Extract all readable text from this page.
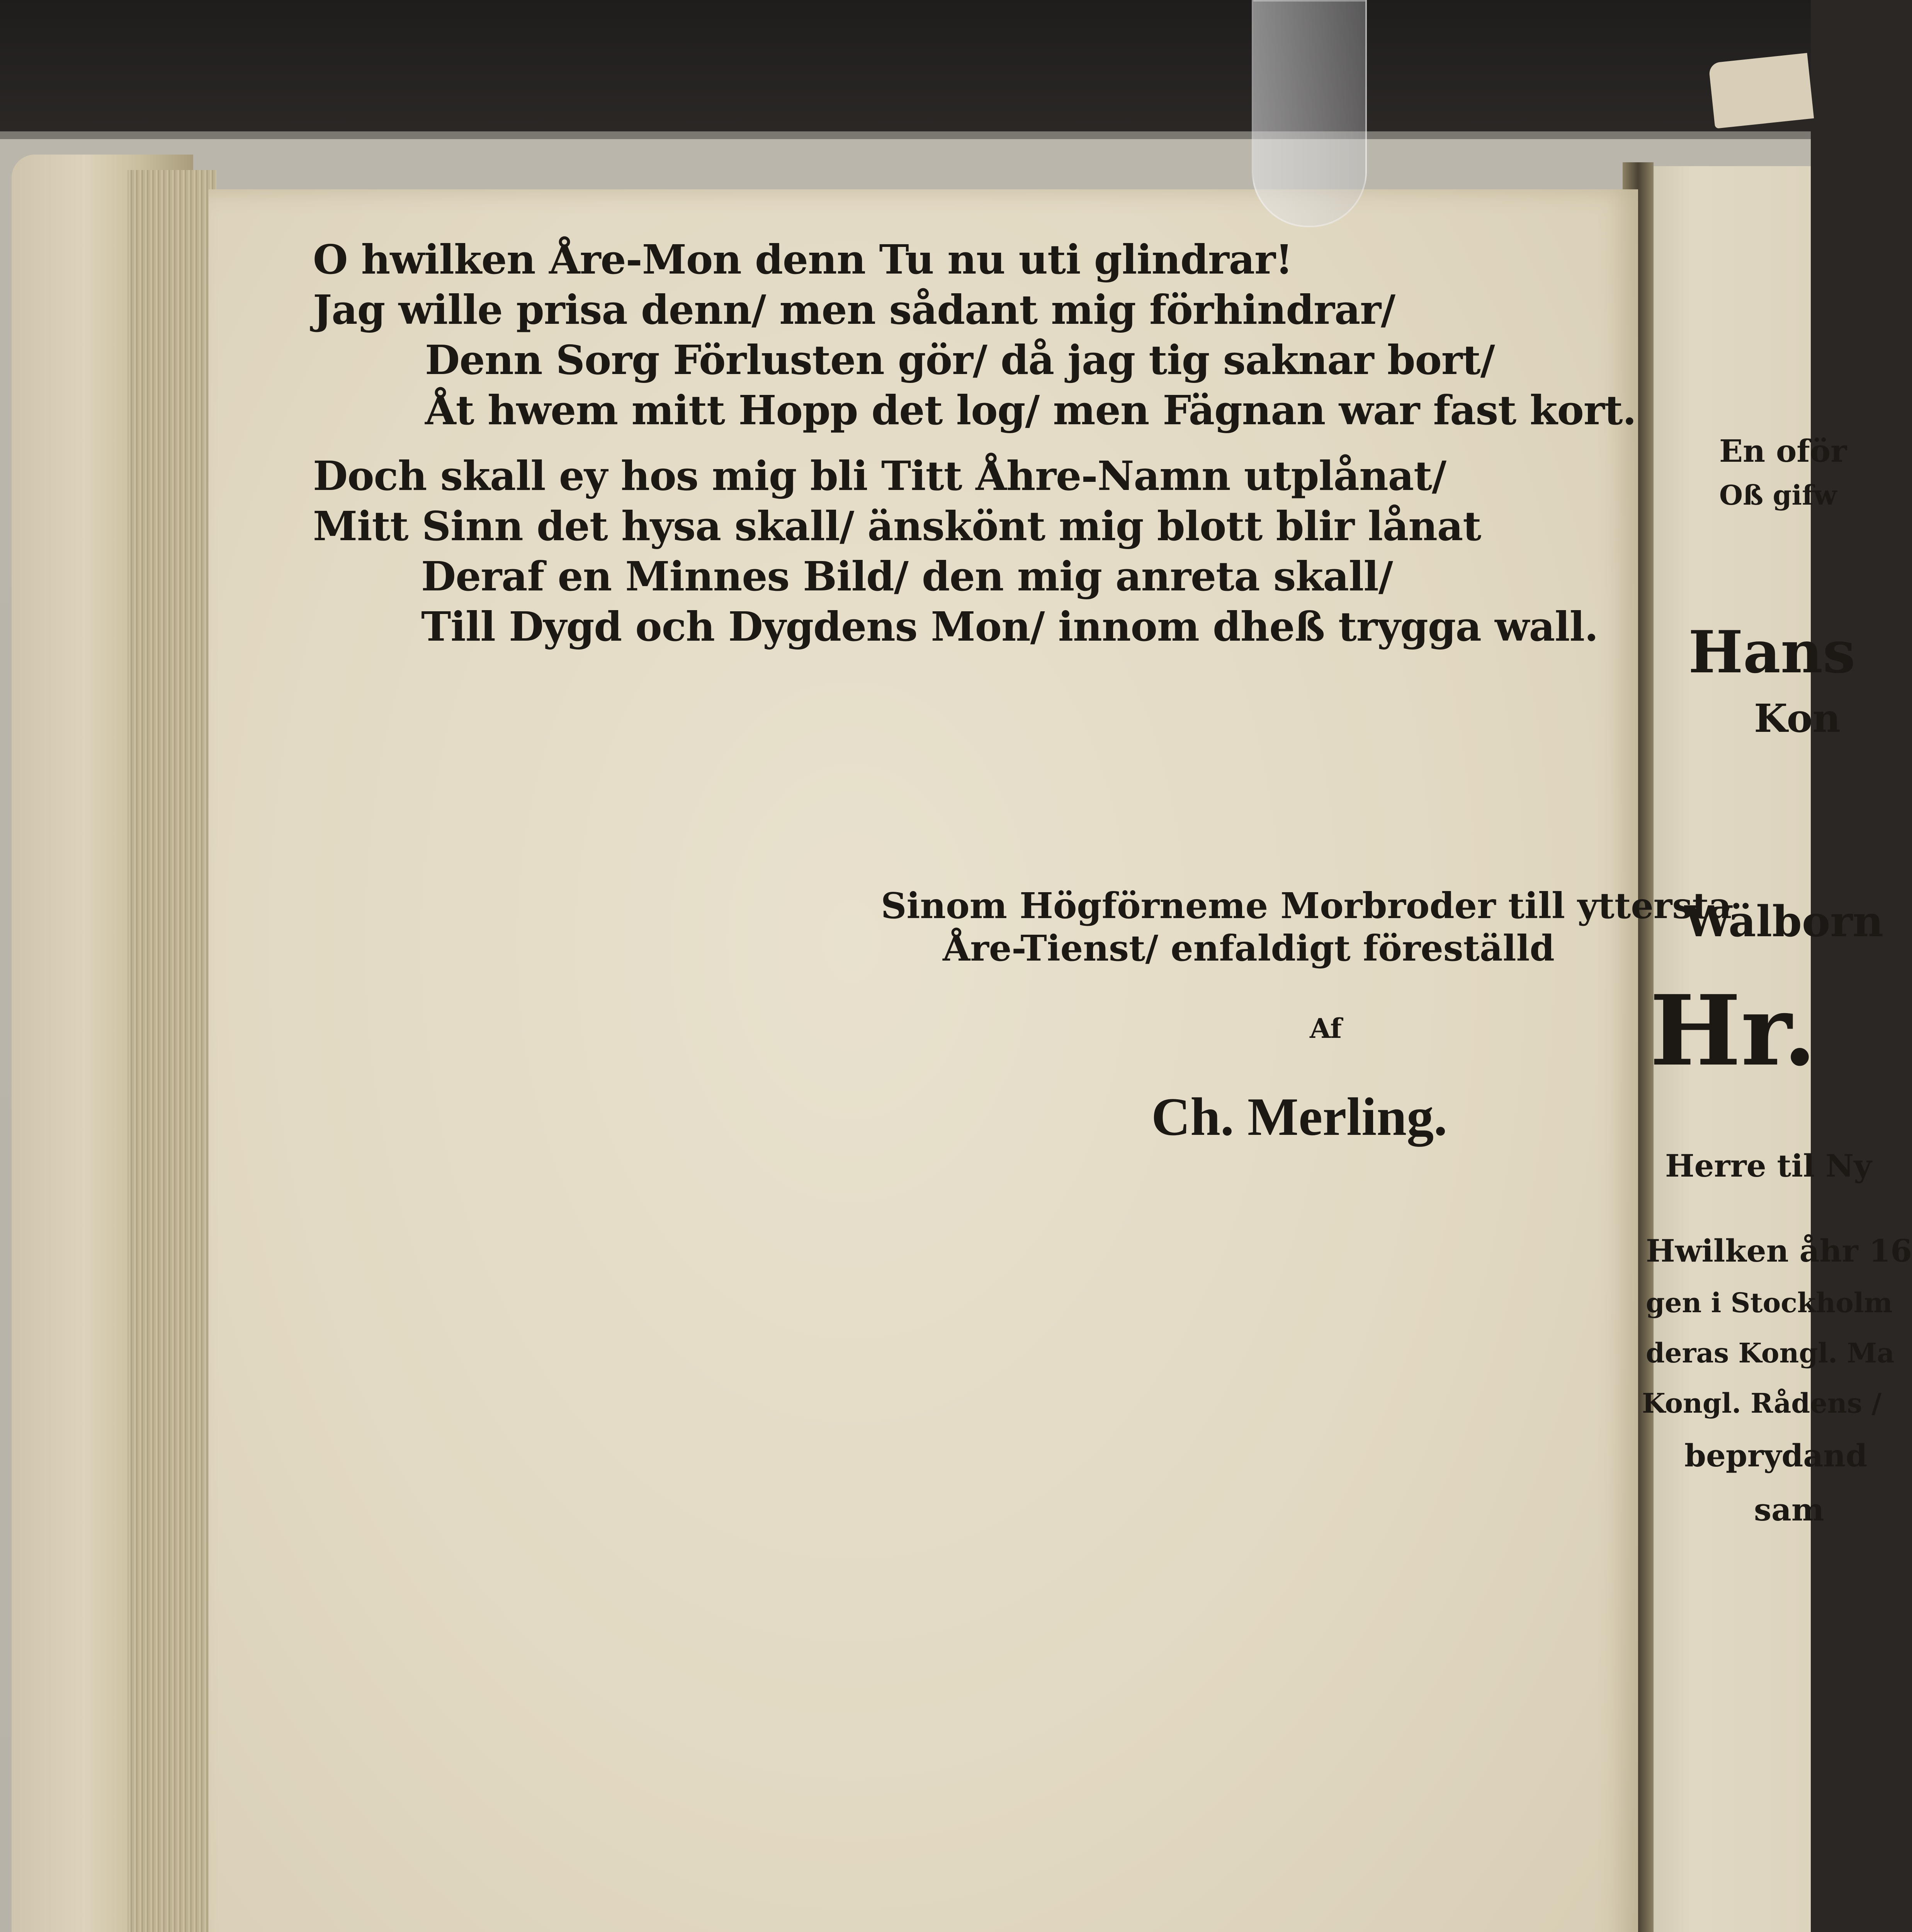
O hwilken Åre-Mon denn Tu nu uti glindrar!
Jag wille prisa denn/ men sådant mig förhindrar/
Denn Sorg Förlusten gör/ då jag tig saknar bort/
Åt hwem mitt Hopp det log/ men Fägnan war fast kort.
Doch skall ey hos mig bli Titt Åhre-Namn utplånat/
Mitt Sinn det hysa skall/ änskönt mig blott blir lånat
Deraf en Minnes Bild/ den mig anreta skall/
Till Dygd och Dygdens Mon/ innom dheß trygga wall.
Sinom Högförneme Morbroder till yttersta
Åre-Tienst/ enfaldigt föreställd
Af
Ch. Merling.
En oför
Oß gifw
Hans
Kon
Wälborn
Hr.
Herre til Ny
Hwilken åhr 16
gen i Stockholm
deras Kongl. Ma
Kongl. Rådens /
beprydand
sam
